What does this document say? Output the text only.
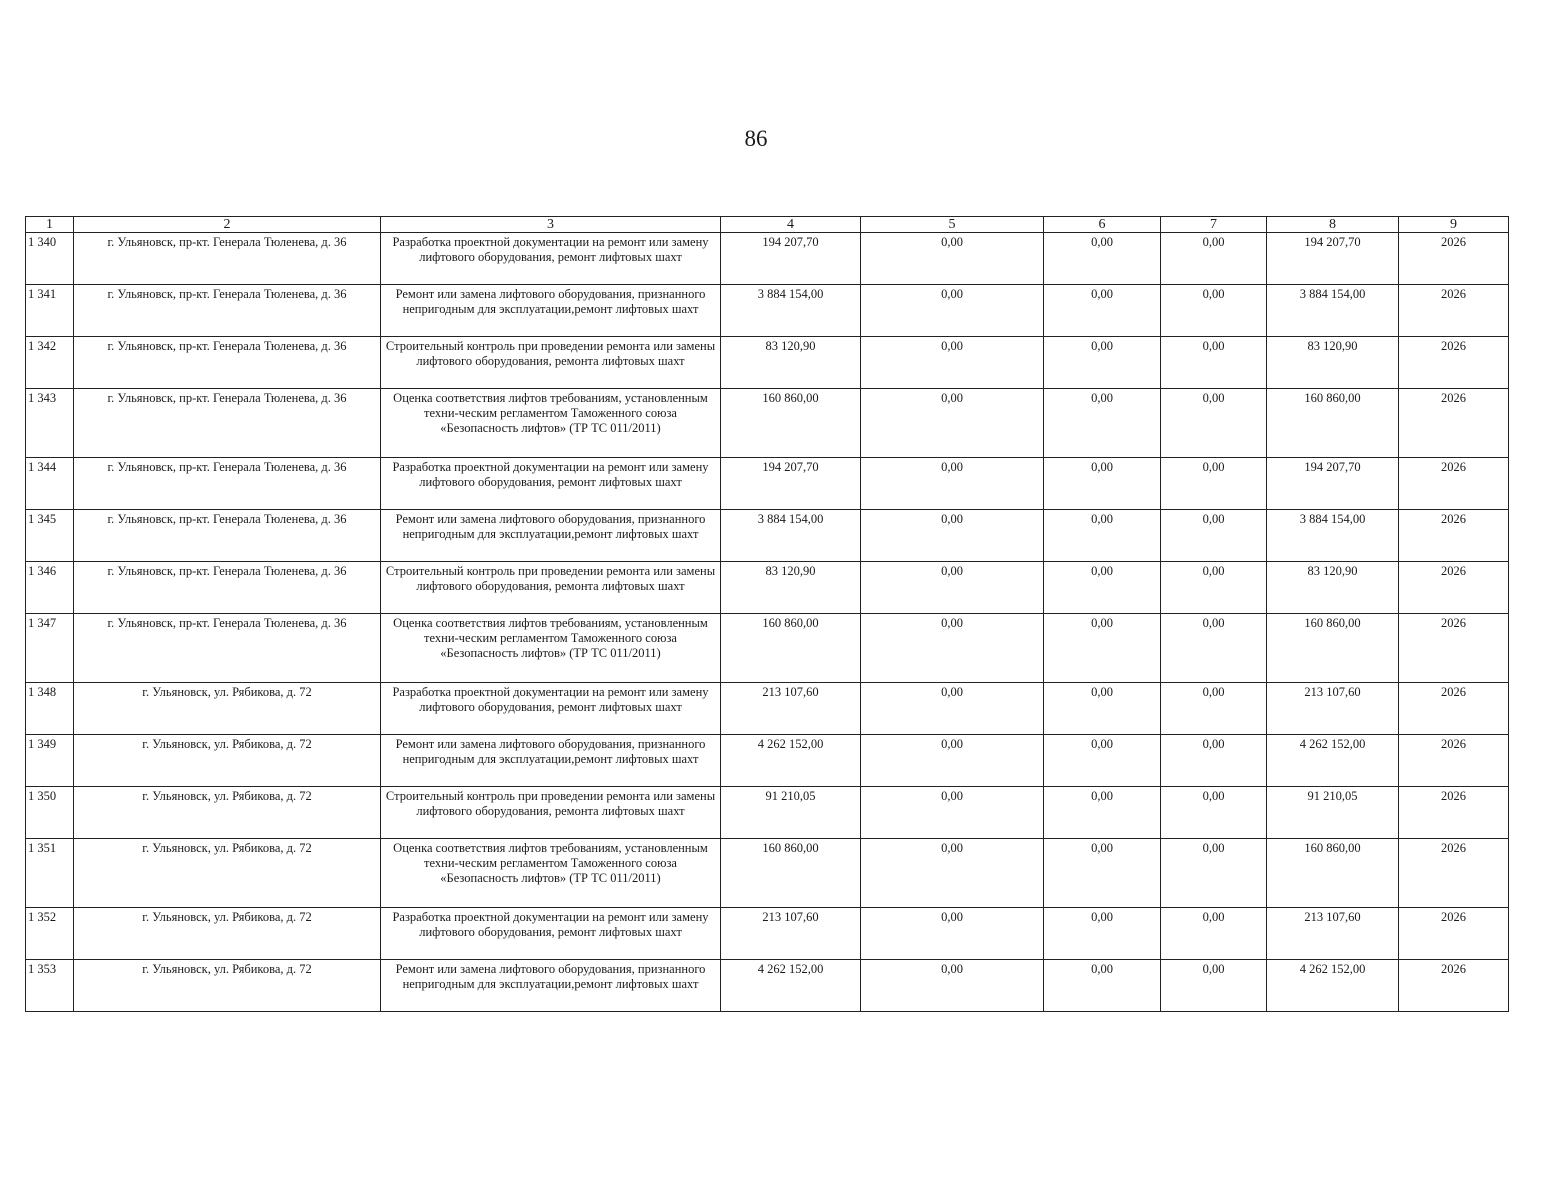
86
1	2	3	4	5	6	7	8	9
1 340	г. Ульяновск, пр-кт. Генерала Тюленева, д. 36	Разработка проектной документации на ремонт или замену лифтового оборудования, ремонт лифтовых шахт	194 207,70	0,00	0,00	0,00	194 207,70	2026
1 341	г. Ульяновск, пр-кт. Генерала Тюленева, д. 36	Ремонт или замена лифтового оборудования, признанного непригодным для эксплуатации,ремонт лифтовых шахт	3 884 154,00	0,00	0,00	0,00	3 884 154,00	2026
1 342	г. Ульяновск, пр-кт. Генерала Тюленева, д. 36	Строительный контроль при проведении ремонта или замены лифтового оборудования, ремонта лифтовых шахт	83 120,90	0,00	0,00	0,00	83 120,90	2026
1 343	г. Ульяновск, пр-кт. Генерала Тюленева, д. 36	Оценка соответствия лифтов требованиям, установленным техни-ческим регламентом Таможенного союза «Безопасность лифтов» (ТР ТС 011/2011)	160 860,00	0,00	0,00	0,00	160 860,00	2026
1 344	г. Ульяновск, пр-кт. Генерала Тюленева, д. 36	Разработка проектной документации на ремонт или замену лифтового оборудования, ремонт лифтовых шахт	194 207,70	0,00	0,00	0,00	194 207,70	2026
1 345	г. Ульяновск, пр-кт. Генерала Тюленева, д. 36	Ремонт или замена лифтового оборудования, признанного непригодным для эксплуатации,ремонт лифтовых шахт	3 884 154,00	0,00	0,00	0,00	3 884 154,00	2026
1 346	г. Ульяновск, пр-кт. Генерала Тюленева, д. 36	Строительный контроль при проведении ремонта или замены лифтового оборудования, ремонта лифтовых шахт	83 120,90	0,00	0,00	0,00	83 120,90	2026
1 347	г. Ульяновск, пр-кт. Генерала Тюленева, д. 36	Оценка соответствия лифтов требованиям, установленным техни-ческим регламентом Таможенного союза «Безопасность лифтов» (ТР ТС 011/2011)	160 860,00	0,00	0,00	0,00	160 860,00	2026
1 348	г. Ульяновск, ул. Рябикова, д. 72	Разработка проектной документации на ремонт или замену лифтового оборудования, ремонт лифтовых шахт	213 107,60	0,00	0,00	0,00	213 107,60	2026
1 349	г. Ульяновск, ул. Рябикова, д. 72	Ремонт или замена лифтового оборудования, признанного непригодным для эксплуатации,ремонт лифтовых шахт	4 262 152,00	0,00	0,00	0,00	4 262 152,00	2026
1 350	г. Ульяновск, ул. Рябикова, д. 72	Строительный контроль при проведении ремонта или замены лифтового оборудования, ремонта лифтовых шахт	91 210,05	0,00	0,00	0,00	91 210,05	2026
1 351	г. Ульяновск, ул. Рябикова, д. 72	Оценка соответствия лифтов требованиям, установленным техни-ческим регламентом Таможенного союза «Безопасность лифтов» (ТР ТС 011/2011)	160 860,00	0,00	0,00	0,00	160 860,00	2026
1 352	г. Ульяновск, ул. Рябикова, д. 72	Разработка проектной документации на ремонт или замену лифтового оборудования, ремонт лифтовых шахт	213 107,60	0,00	0,00	0,00	213 107,60	2026
1 353	г. Ульяновск, ул. Рябикова, д. 72	Ремонт или замена лифтового оборудования, признанного непригодным для эксплуатации,ремонт лифтовых шахт	4 262 152,00	0,00	0,00	0,00	4 262 152,00	2026
